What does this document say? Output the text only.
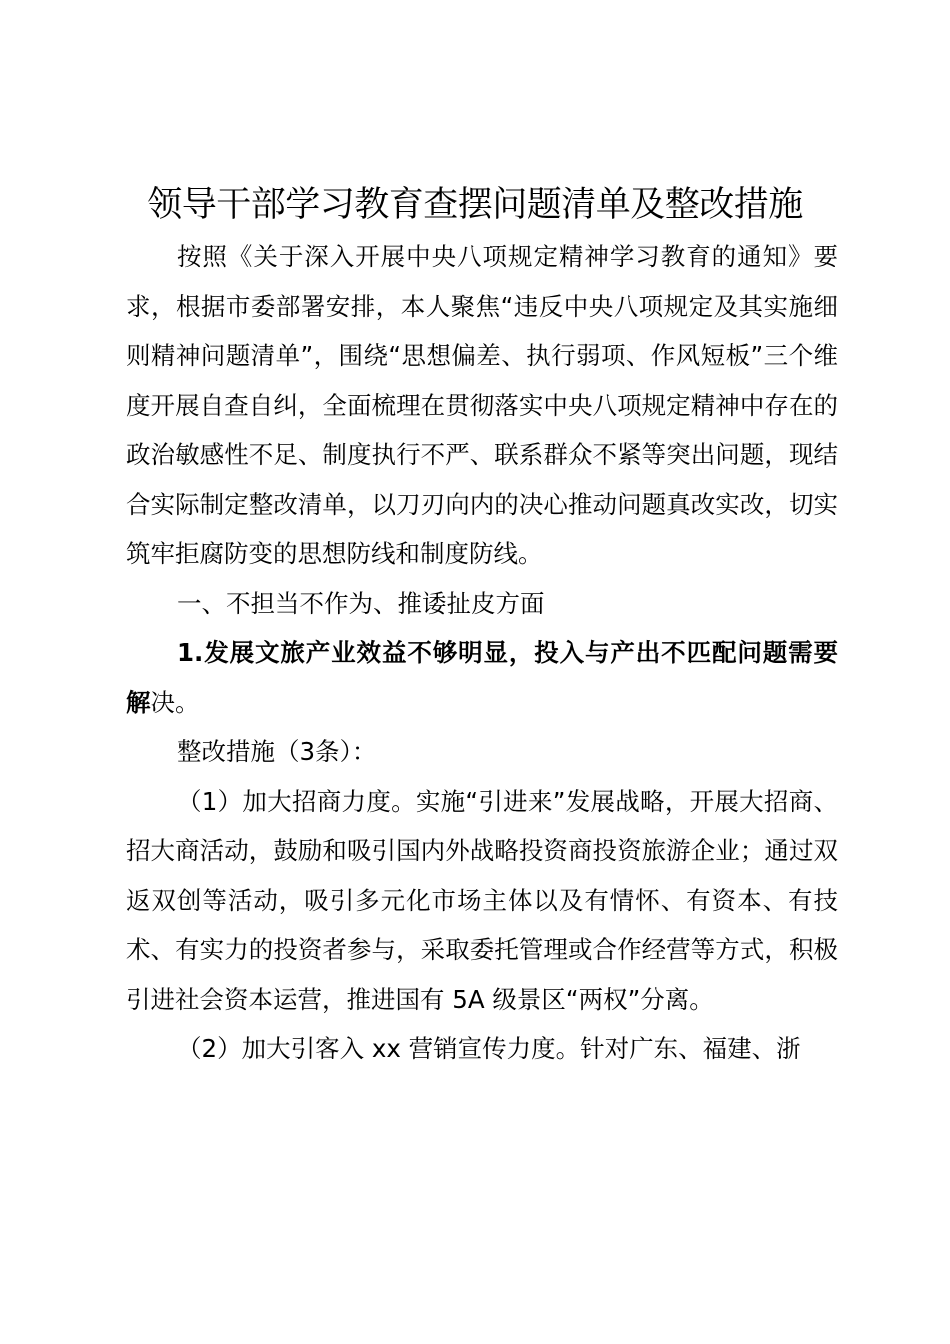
领导干部学习教育查摆问题清单及整改措施

按照《关于深入开展中央八项规定精神学习教育的通知》要求，根据市委部署安排，本人聚焦“违反中央八项规定及其实施细则精神问题清单”，围绕“思想偏差、执行弱项、作风短板”三个维度开展自查自纠，全面梳理在贯彻落实中央八项规定精神中存在的政治敏感性不足、制度执行不严、联系群众不紧等突出问题，现结合实际制定整改清单，以刀刃向内的决心推动问题真改实改，切实筑牢拒腐防变的思想防线和制度防线。

一、不担当不作为、推诿扯皮方面

1.发展文旅产业效益不够明显，投入与产出不匹配问题需要解决。

整改措施（3条）：

（1）加大招商力度。实施“引进来”发展战略，开展大招商、招大商活动，鼓励和吸引国内外战略投资商投资旅游企业；通过双返双创等活动，吸引多元化市场主体以及有情怀、有资本、有技术、有实力的投资者参与，采取委托管理或合作经营等方式，积极引进社会资本运营，推进国有 5A 级景区“两权”分离。

（2）加大引客入 xx 营销宣传力度。针对广东、福建、浙
